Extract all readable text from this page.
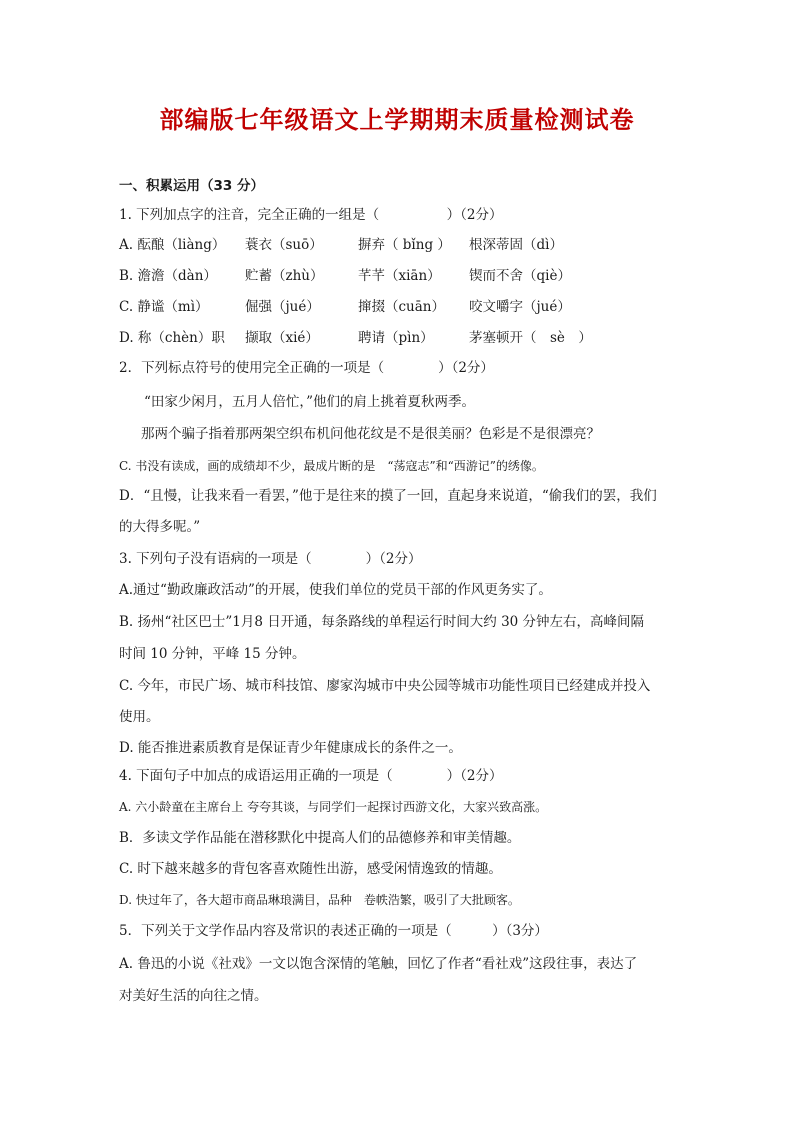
部编版七年级语文上学期期末质量检测试卷
一、积累运用（33 分）
1. 下列加点字的注音，完全正确的一组是（　　　　　）（2分）
A. 酝酿（liàng） 蓑衣（suō）	摒弃（ bǐng ） 根深蒂固（dì）
B. 澹澹（dàn） 贮蓄（zhù）	芊芊（xiān） 锲而不舍（qiè）
C. 静谧（mì）	倔强（jué）	撺掇（cuān） 咬文嚼字（jué）
D. 称（chèn）职 撷取（xié）	聘请（pìn）	茅塞顿开（　sè　）
2．下列标点符号的使用完全正确的一项是（　　　　）（2分）
“田家少闲月，五月人倍忙，”他们的肩上挑着夏秋两季。
那两个骗子指着那两架空织布机问他花纹是不是很美丽？色彩是不是很漂亮？
C. 书没有读成，画的成绩却不少，最成片断的是　“荡寇志”和“西游记”的绣像。
D．“且慢，让我来看一看罢，”他于是往来的摸了一回，直起身来说道，“偷我们的罢，我们
的大得多呢。”
3. 下列句子没有语病的一项是（　　　　）（2分）
A.通过“勤政廉政活动”的开展，使我们单位的党员干部的作风更务实了。
B. 扬州“社区巴士”1月8 日开通，每条路线的单程运行时间大约 30 分钟左右，高峰间隔
时间 10 分钟，平峰 15 分钟。
C. 今年，市民广场、城市科技馆、廖家沟城市中央公园等城市功能性项目已经建成并投入
使用。
D. 能否推进素质教育是保证青少年健康成长的条件之一。
4. 下面句子中加点的成语运用正确的一项是（　　　　）（2分）
A. 六小龄童在主席台上 夸夸其谈，与同学们一起探讨西游文化，大家兴致高涨。
B．多读文学作品能在潜移默化中提高人们的品德修养和审美情趣。
C. 时下越来越多的背包客喜欢随性出游，感受闲情逸致的情趣。
D. 快过年了，各大超市商品琳琅满目，品种　卷帙浩繁，吸引了大批顾客。
5．下列关于文学作品内容及常识的表述正确的一项是（　　　）（3分）
A. 鲁迅的小说《社戏》一文以饱含深情的笔触，回忆了作者“看社戏”这段往事，表达了
对美好生活的向往之情。
